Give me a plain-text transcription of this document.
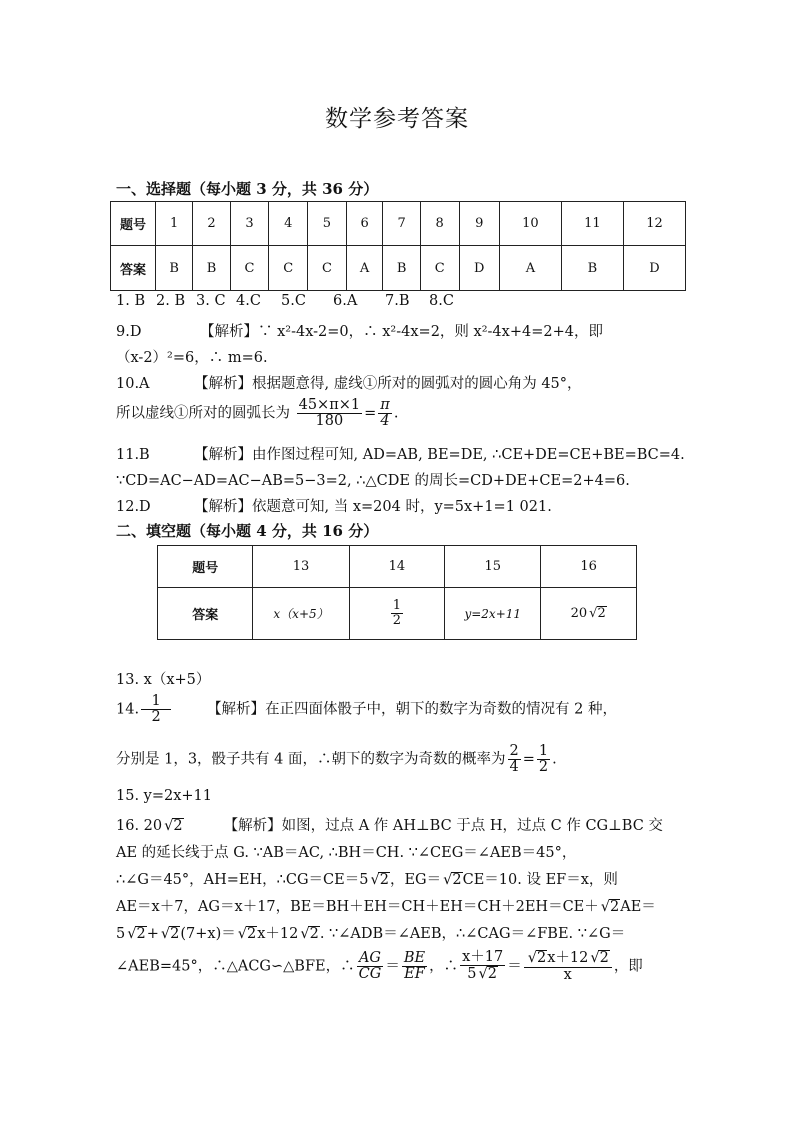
数学参考答案
一、选择题（每小题 3 分，共 36 分）
题号	1	2	3	4	5	6	7	8	9	10	11	12
答案	B	B	C	C	C	A	B	C	D	A	B	D
1. B 2. B 3. C 4.C 5.C 6.A 7.B 8.C
9.D	【解析】∵ x²-4x-2=0，∴ x²-4x=2，则 x²-4x+4=2+4，即
（x-2）²=6，∴ m=6.
10.A	【解析】根据题意得, 虚线①所对的圆弧对的圆心角为 45°，
所以虚线①所对的圆弧长为 $\frac{45\times\pi\times 1}{180} = \frac{\pi}{4}$ .
11.B	【解析】由作图过程可知, AD=AB, BE=DE, ∴CE+DE=CE+BE=BC=4.
∵CD=AC−AD=AC−AB=5−3=2, ∴△CDE 的周长=CD+DE+CE=2+4=6.
12.D	【解析】依题意可知, 当 x=204 时，y=5x+1=1 021.
二、填空题（每小题 4 分，共 16 分）
题号	13	14	15	16
答案	x（x+5）	$\frac{1}{2}$	y=2x+11	20 √ 2
13. x（x+5）
14. $\frac{1}{2}$ 【解析】在正四面体骰子中，朝下的数字为奇数的情况有 2 种，
分别是 1，3，骰子共有 4 面，∴朝下的数字为奇数的概率为 $\frac{2}{4} = \frac{1}{2}$ .
15. y=2x+11
16. 20 √ 2	【解析】如图，过点 A 作 AH⊥BC 于点 H，过点 C 作 CG⊥BC 交
AE 的延长线于点 G. ∵AB＝AC, ∴BH＝CH. ∵∠CEG＝∠AEB＝45°，
∴∠G＝45°，AH=EH，∴CG＝CE＝5 √ 2，EG＝ √ 2CE＝10. 设 EF＝x，则
AE＝x＋7，AG＝x＋17，BE＝BH＋EH＝CH＋EH＝CH＋2EH＝CE＋ √ 2AE＝
5 √ 2+ √ 2(7+x)＝ √ 2x＋12 √ 2. ∵∠ADB＝∠AEB，∴∠CAG＝∠FBE. ∵∠G＝
∠AEB=45°，∴△ACG∽△BFE，∴ $\frac{AG}{CG} = \frac{BE}{EF}$ ，∴ $\frac{x+17}{5 √ 2}$ ＝ √ $\frac{2x+12 √ 2}{x}$ ，即
